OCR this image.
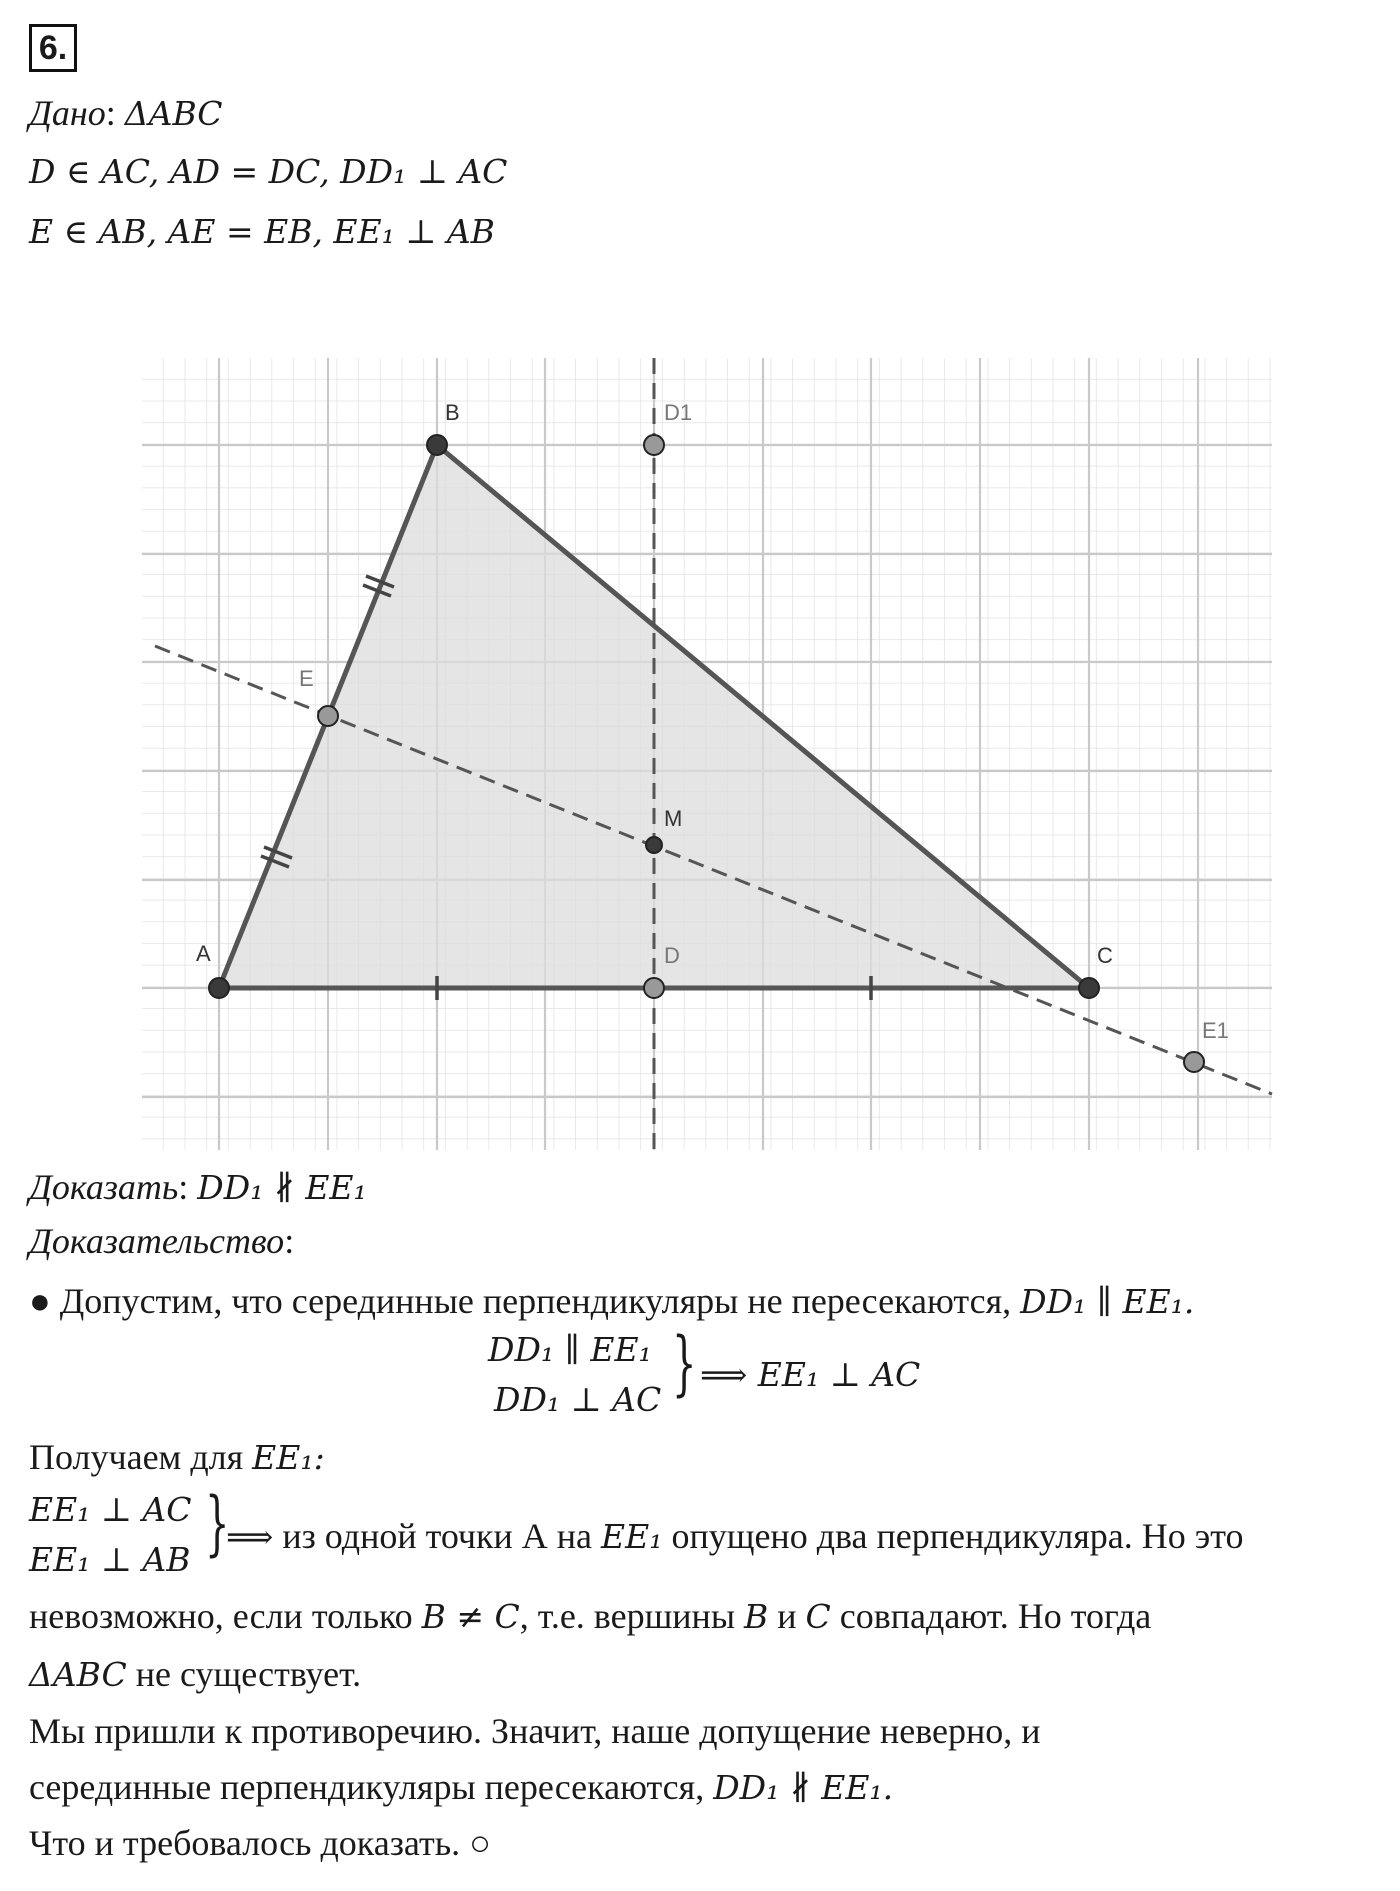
6.
Дано: ΔABC
D ∈ AC, AD = DC, DD₁ ⊥ AC
E ∈ AB, AE = EB, EE₁ ⊥ AB
A
B
C
D
D1
E
E1
M
Доказать: DD₁ ∦ EE₁
Доказательство:
● Допустим, что серединные перпендикуляры не пересекаются, DD₁ ∥ EE₁.
DD₁ ∥ EE₁
DD₁ ⊥ AC } ⟹ EE₁ ⊥ AC
Получаем для EE₁:
EE₁ ⊥ AC
EE₁ ⊥ AB }
⟹ из одной точки А на EE₁ опущено два перпендикуляра. Но это
невозможно, если только B ≠ C, т.е. вершины B и C совпадают. Но тогда
ΔABC не существует.
Мы пришли к противоречию. Значит, наше допущение неверно, и
серединные перпендикуляры пересекаются, DD₁ ∦ EE₁.
Что и требовалось доказать. ○
